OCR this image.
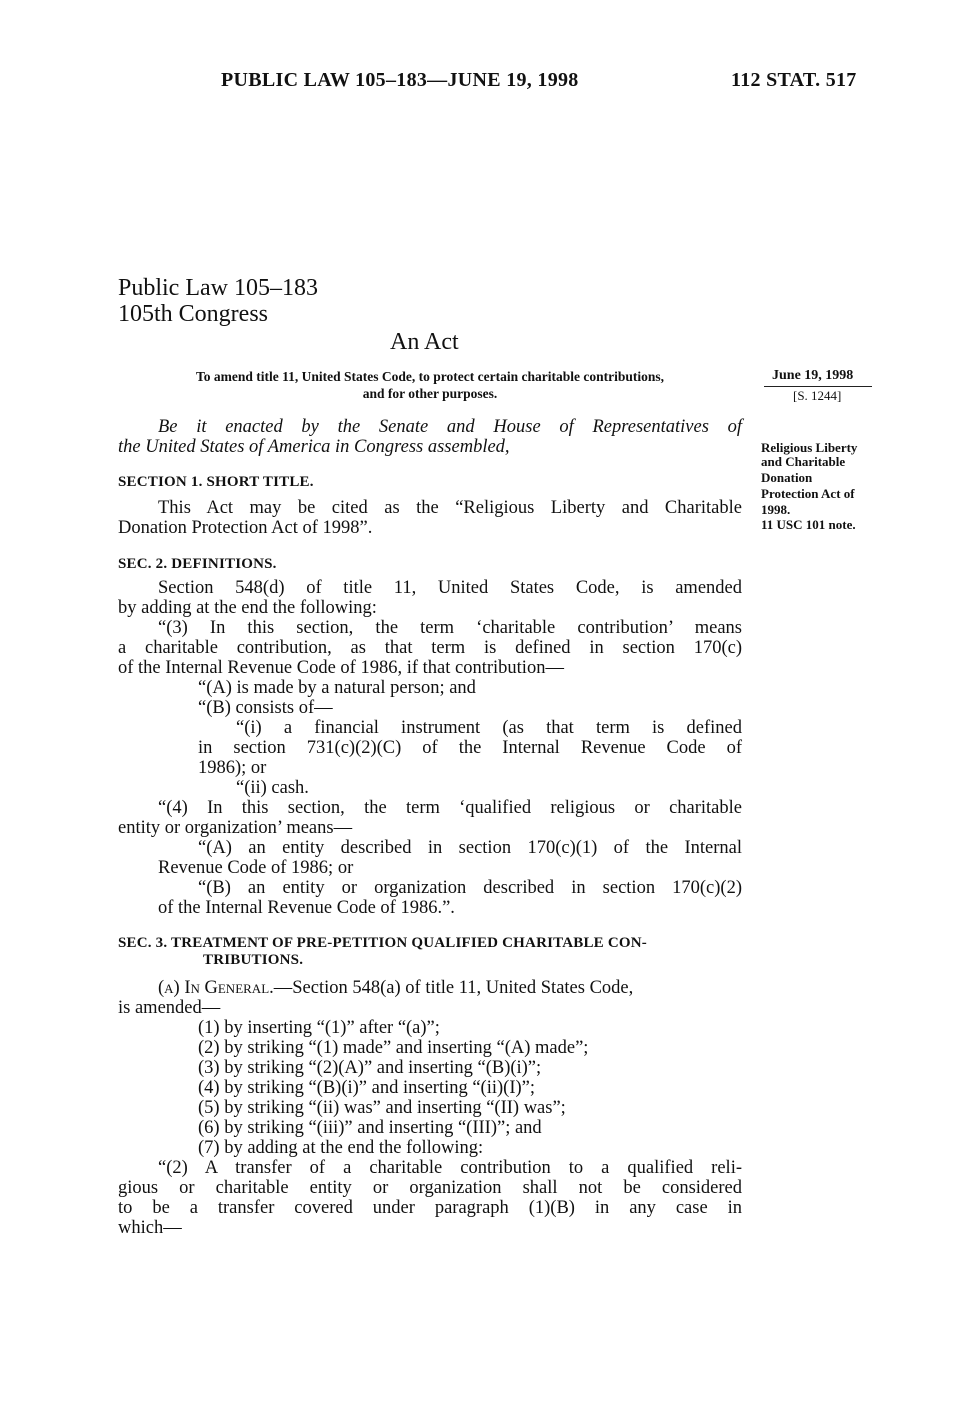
PUBLIC LAW 105–183—JUNE 19, 1998	112 STAT. 517
Public Law 105–183
105th Congress
An Act
To amend title 11, United States Code, to protect certain charitable contributions,
and for other purposes.
Be it enacted by the Senate and House of Representatives of
the United States of America in Congress assembled,
SECTION 1. SHORT TITLE.
This Act may be cited as the “Religious Liberty and Charitable
Donation Protection Act of 1998”.
SEC. 2. DEFINITIONS.
Section 548(d) of title 11, United States Code, is amended
by adding at the end the following:
“(3) In this section, the term ‘charitable contribution’ means
a charitable contribution, as that term is defined in section 170(c)
of the Internal Revenue Code of 1986, if that contribution—
“(A) is made by a natural person; and
“(B) consists of—
“(i) a financial instrument (as that term is defined
in section 731(c)(2)(C) of the Internal Revenue Code of
1986); or
“(ii) cash.
“(4) In this section, the term ‘qualified religious or charitable
entity or organization’ means—
“(A) an entity described in section 170(c)(1) of the Internal
Revenue Code of 1986; or
“(B) an entity or organization described in section 170(c)(2)
of the Internal Revenue Code of 1986.”.
SEC. 3. TREATMENT OF PRE-PETITION QUALIFIED CHARITABLE CON-
TRIBUTIONS.
(a) In General.—Section 548(a) of title 11, United States Code,
is amended—
(1) by inserting “(1)” after “(a)”;
(2) by striking “(1) made” and inserting “(A) made”;
(3) by striking “(2)(A)” and inserting “(B)(i)”;
(4) by striking “(B)(i)” and inserting “(ii)(I)”;
(5) by striking “(ii) was” and inserting “(II) was”;
(6) by striking “(iii)” and inserting “(III)”; and
(7) by adding at the end the following:
“(2) A transfer of a charitable contribution to a qualified reli-
gious or charitable entity or organization shall not be considered
to be a transfer covered under paragraph (1)(B) in any case in
which—
June 19, 1998
[S. 1244]
Religious Liberty
and Charitable
Donation
Protection Act of
1998.
11 USC 101 note.
